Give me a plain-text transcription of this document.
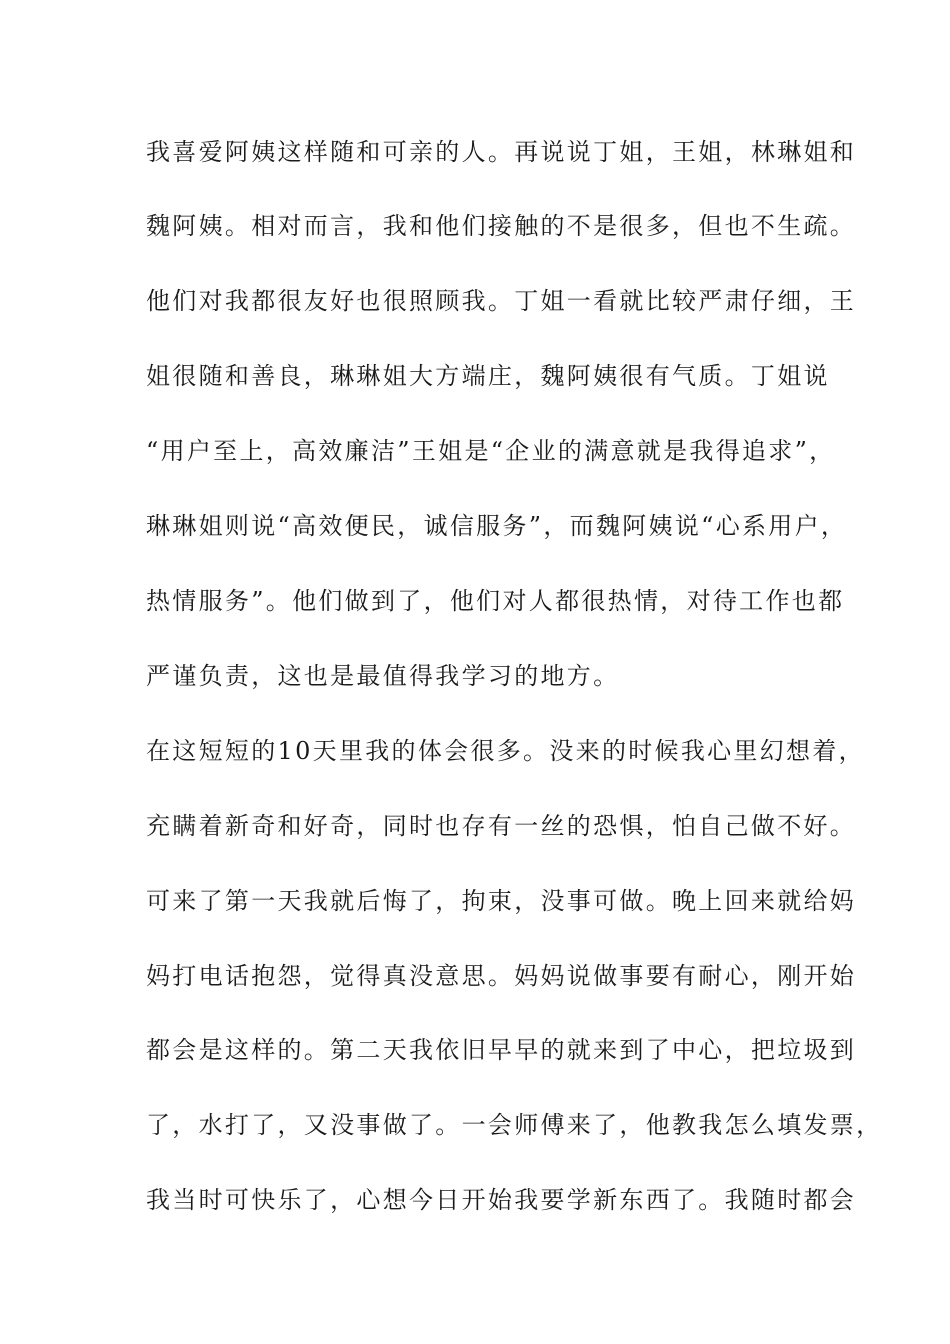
我喜爱阿姨这样随和可亲的人。再说说丁姐，王姐，林琳姐和

魏阿姨。相对而言，我和他们接触的不是很多，但也不生疏。

他们对我都很友好也很照顾我。丁姐一看就比较严肃仔细，王

姐很随和善良，琳琳姐大方端庄，魏阿姨很有气质。丁姐说

“用户至上，高效廉洁”王姐是“企业的满意就是我得追求”，

琳琳姐则说“高效便民，诚信服务”，而魏阿姨说“心系用户，

热情服务”。他们做到了，他们对人都很热情，对待工作也都

严谨负责，这也是最值得我学习的地方。

在这短短的10天里我的体会很多。没来的时候我心里幻想着，

充瞒着新奇和好奇，同时也存有一丝的恐惧，怕自己做不好。

可来了第一天我就后悔了，拘束，没事可做。晚上回来就给妈

妈打电话抱怨，觉得真没意思。妈妈说做事要有耐心，刚开始

都会是这样的。第二天我依旧早早的就来到了中心，把垃圾到

了，水打了，又没事做了。一会师傅来了，他教我怎么填发票，

我当时可快乐了，心想今日开始我要学新东西了。我随时都会
